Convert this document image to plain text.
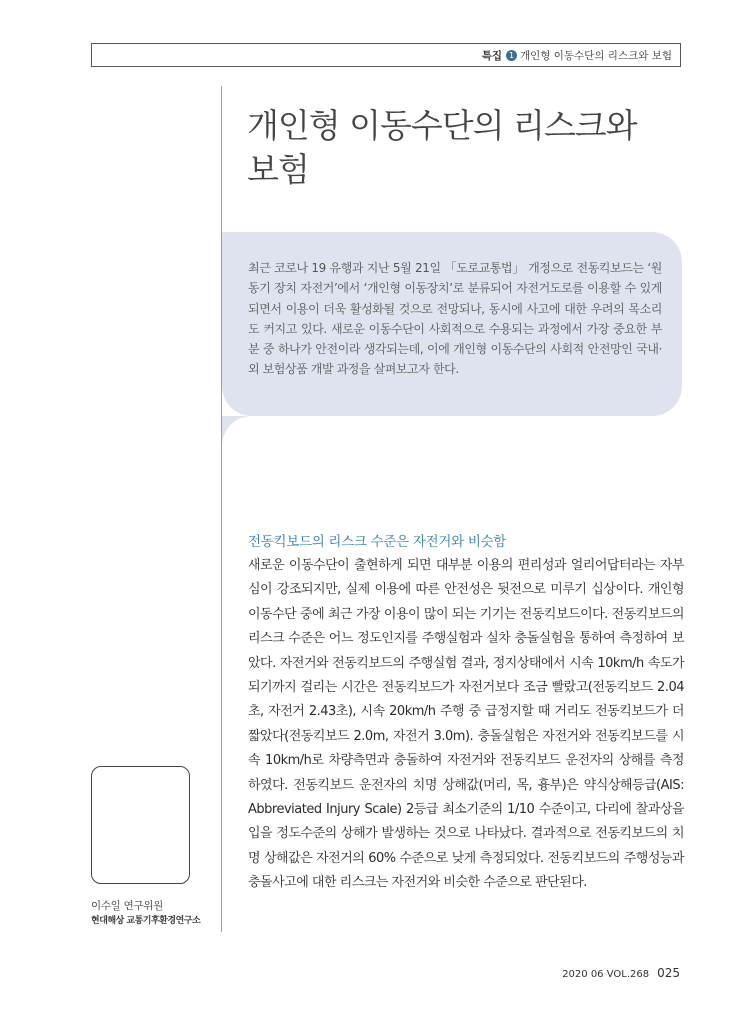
특집 1 개인형 이동수단의 리스크와 보험
개인형 이동수단의 리스크와 보험

최근 코로나 19 유행과 지난 5월 21일 「도로교통법」 개정으로 전동킥보드는 ‘원동기 장치 자전거’에서 ‘개인형 이동장치’로 분류되어 자전거도로를 이용할 수 있게 되면서 이용이 더욱 활성화될 것으로 전망되나, 동시에 사고에 대한 우려의 목소리도 커지고 있다. 새로운 이동수단이 사회적으로 수용되는 과정에서 가장 중요한 부분 중 하나가 안전이라 생각되는데, 이에 개인형 이동수단의 사회적 안전망인 국내·외 보험상품 개발 과정을 살펴보고자 한다.

전동킥보드의 리스크 수준은 자전거와 비슷함

새로운 이동수단이 출현하게 되면 대부분 이용의 편리성과 얼리어답터라는 자부심이 강조되지만, 실제 이용에 따른 안전성은 뒷전으로 미루기 십상이다. 개인형 이동수단 중에 최근 가장 이용이 많이 되는 기기는 전동킥보드이다. 전동킥보드의 리스크 수준은 어느 정도인지를 주행실험과 실차 충돌실험을 통하여 측정하여 보았다. 자전거와 전동킥보드의 주행실험 결과, 정지상태에서 시속 10km/h 속도가 되기까지 걸리는 시간은 전동킥보드가 자전거보다 조금 빨랐고(전동킥보드 2.04초, 자전거 2.43초), 시속 20km/h 주행 중 급정지할 때 거리도 전동킥보드가 더 짧았다(전동킥보드 2.0m, 자전거 3.0m). 충돌실험은 자전거와 전동킥보드를 시속 10km/h로 차량측면과 충돌하여 자전거와 전동킥보드 운전자의 상해를 측정하였다. 전동킥보드 운전자의 치명 상해값(머리, 목, 흉부)은 약식상해등급(AIS: Abbreviated Injury Scale) 2등급 최소기준의 1/10 수준이고, 다리에 찰과상을 입을 정도수준의 상해가 발생하는 것으로 나타났다. 결과적으로 전동킥보드의 치명 상해값은 자전거의 60% 수준으로 낮게 측정되었다. 전동킥보드의 주행성능과 충돌사고에 대한 리스크는 자전거와 비슷한 수준으로 판단된다.

이수일 연구위원
현대해상 교통기후환경연구소
2020 06 VOL.268 025
